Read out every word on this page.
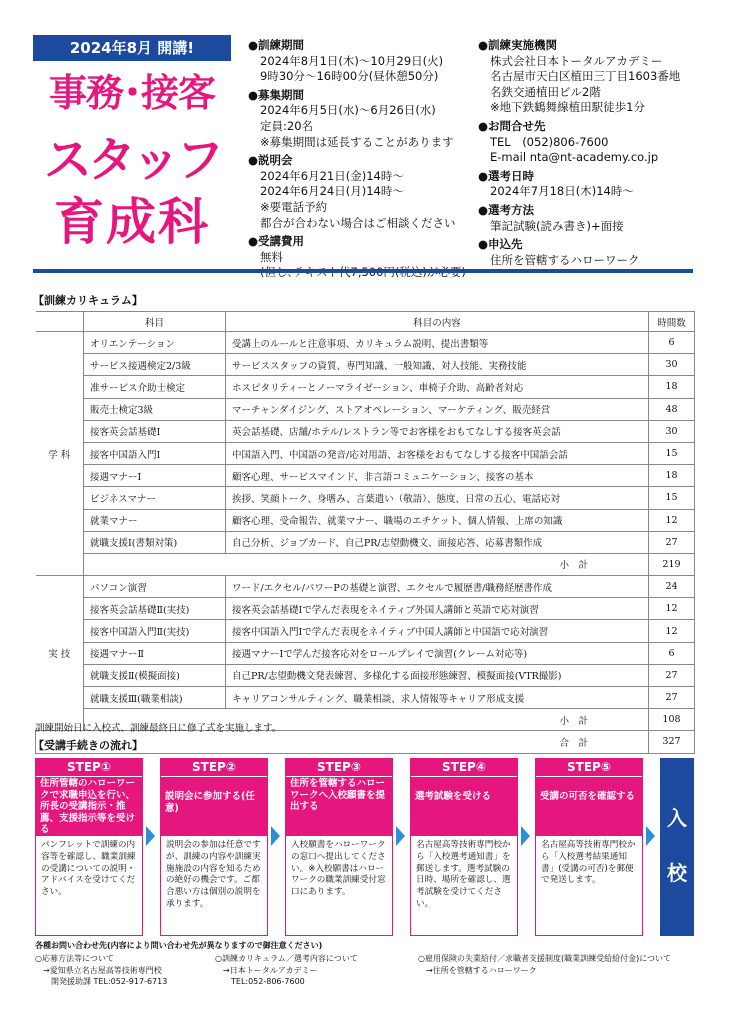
2024年8月 開講!
事務･接客
スタッフ
育成科
●訓練期間
2024年8月1日(木)～10月29日(火)
9時30分～16時00分(昼休憩50分)
●募集期間
2024年6月5日(水)～6月26日(水)
定員:20名
※募集期間は延長することがあります
●説明会
2024年6月21日(金)14時～
2024年6月24日(月)14時～
※要電話予約
都合が合わない場合はご相談ください
●受講費用
無料
●訓練実施機関
株式会社日本トータルアカデミー
名古屋市天白区植田三丁目1603番地
名鉄交通植田ビル2階
※地下鉄鶴舞線植田駅徒歩1分
●お問合せ先
TEL　(052)806-7600
E-mail nta@nt-academy.co.jp
●選考日時
2024年7月18日(木)14時～
●選考方法
筆記試験(読み書き)+面接
●申込先
住所を管轄するハローワーク
【訓練カリキュラム】
	科目	科目の内容	時間数
学 科	オリエンテーション	受講上のルールと注意事項、カリキュラム説明、提出書類等	6
	サービス接遇検定2/3級	サービススタッフの資質、専門知識、一般知識、対人技能、実務技能	30
	准サービス介助士検定	ホスピタリティーとノーマライゼーション、車椅子介助、高齢者対応	18
	販売士検定3級	マーチャンダイジング、ストアオペレーション、マーケティング、販売経営	48
	接客英会話基礎Ⅰ	英会話基礎、店舗/ホテル/レストラン等でお客様をおもてなしする接客英会話	30
	接客中国語入門Ⅰ	中国語入門、中国語の発音/応対用語、お客様をおもてなしする接客中国語会話	15
	接遇マナーⅠ	顧客心理、サービスマインド、非言語コミュニケーション、接客の基本	18
	ビジネスマナー	挨拶、笑顔トーク、身嗜み、言葉遣い（敬語）、態度、日常の五心、電話応対	15
	就業マナー	顧客心理、受命報告、就業マナー、職場のエチケット、個人情報、上席の知識	12
	就職支援Ⅰ(書類対策)	自己分析、ジョブカード、自己PR/志望動機文、面接応答、応募書類作成	27
	小　計		219
実 技	パソコン演習	ワード/エクセル/パワーPの基礎と演習、エクセルで履歴書/職務経歴書作成	24
	接客英会話基礎Ⅱ(実技)	接客英会話基礎Ⅰで学んだ表現をネイティブ外国人講師と英語で応対演習	12
	接客中国語入門Ⅱ(実技)	接客中国語入門Ⅰで学んだ表現をネイティブ中国人講師と中国語で応対演習	12
	接遇マナーⅡ	接遇マナーⅠで学んだ接客応対をロールプレイで演習(クレーム対応等)	6
	就職支援Ⅱ(模擬面接)	自己PR/志望動機文発表練習、多様化する面接形態練習、模擬面接(VTR撮影)	27
	就職支援Ⅲ(職業相談)	キャリアコンサルティング、職業相談、求人情報等キャリア形成支援	27
	小　計		108
合　計			327
訓練開始日に入校式、訓練最終日に修了式を実施します。
【受講手続きの流れ】
STEP①
住所管轄のハローワークで求職申込を行い、所長の受講指示・推薦、支援指示等を受ける
パンフレットで訓練の内容等を確認し、職業訓練の受講についての説明・アドバイスを受けてください。
STEP②
説明会に参加する(任意)
説明会の参加は任意ですが、訓練の内容や訓練実施施設の内容を知るための絶好の機会です。ご都合悪い方は個別の説明を承ります。
STEP③
住所を管轄するハローワークへ入校願書を提出する
入校願書をハローワークの窓口へ提出してください。※入校願書はハローワークの職業訓練受付窓口にあります。
STEP④
選考試験を受ける
名古屋高等技術専門校から「入校選考通知書」を郵送します。選考試験の日時、場所を確認し、選考試験を受けてください。
STEP⑤
受講の可否を確認する
名古屋高等技術専門校から「入校選考結果通知書」(受講の可否)を郵便で発送します。
入
校
各種お問い合わせ先(内容により問い合わせ先が異なりますので御注意ください)
○応募方法等について
　→愛知県立名古屋高等技術専門校
　　開発援助課 TEL:052-917-6713
○訓練カリキュラム／選考内容について
　→日本トータルアカデミー
　　TEL:052-806-7600
○雇用保険の失業給付／求職者支援制度(職業訓練受給給付金)について
　→住所を管轄するハローワーク
